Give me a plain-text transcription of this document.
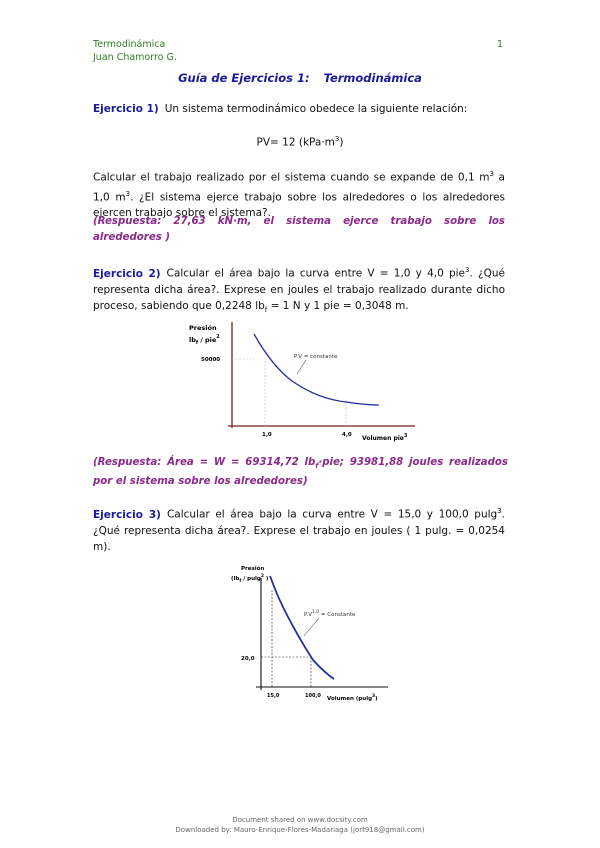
Termodinámica
Juan Chamorro G.
1
Guía de Ejercicios 1: Termodinámica
Ejercicio 1) Un sistema termodinámico obedece la siguiente relación:
PV= 12 $(kPa\cdot m^3)$
Calcular el trabajo realizado por el sistema cuando se expande de 0,1 $m^3$ a 1,0 $m^3$. ¿El sistema ejerce trabajo sobre los alrededores o los alrededores ejercen trabajo sobre el sistema?.
(Respuesta: 27,63 kN·m, el sistema ejerce trabajo sobre los alrededores )
Ejercicio 2) Calcular el área bajo la curva entre V = 1,0 y 4,0 pie$^3$. ¿Qué representa dicha área?. Exprese en joules el trabajo realizado durante dicho proceso, sabiendo que 0,2248 $lb_f = 1$ N y 1 pie = 0,3048 m.
Presión
$lb_f / pie^2$
50000	P.V = constante
1,0	4,0 Volumen pie$^3$
(Respuesta: Área = W = 69314,72 $lb_f\cdot pie$; 93981,88 joules realizados por el sistema sobre los alrededores)
Ejercicio 3) Calcular el área bajo la curva entre V = 15,0 y 100,0 pulg$^3$. ¿Qué representa dicha área?. Exprese el trabajo en joules ( 1 pulg. = 0,0254 m).
Presión
($lb_f / pulg^2$ )
20,0
$P.V^{1,0}$ = Constante
15,0	100,0 Volumen (pulg$^3$)
Document shared on www.docsity.com
Downloaded by: Mauro-Enrique-Flores-Madariaga (jort918@gmail.com)
